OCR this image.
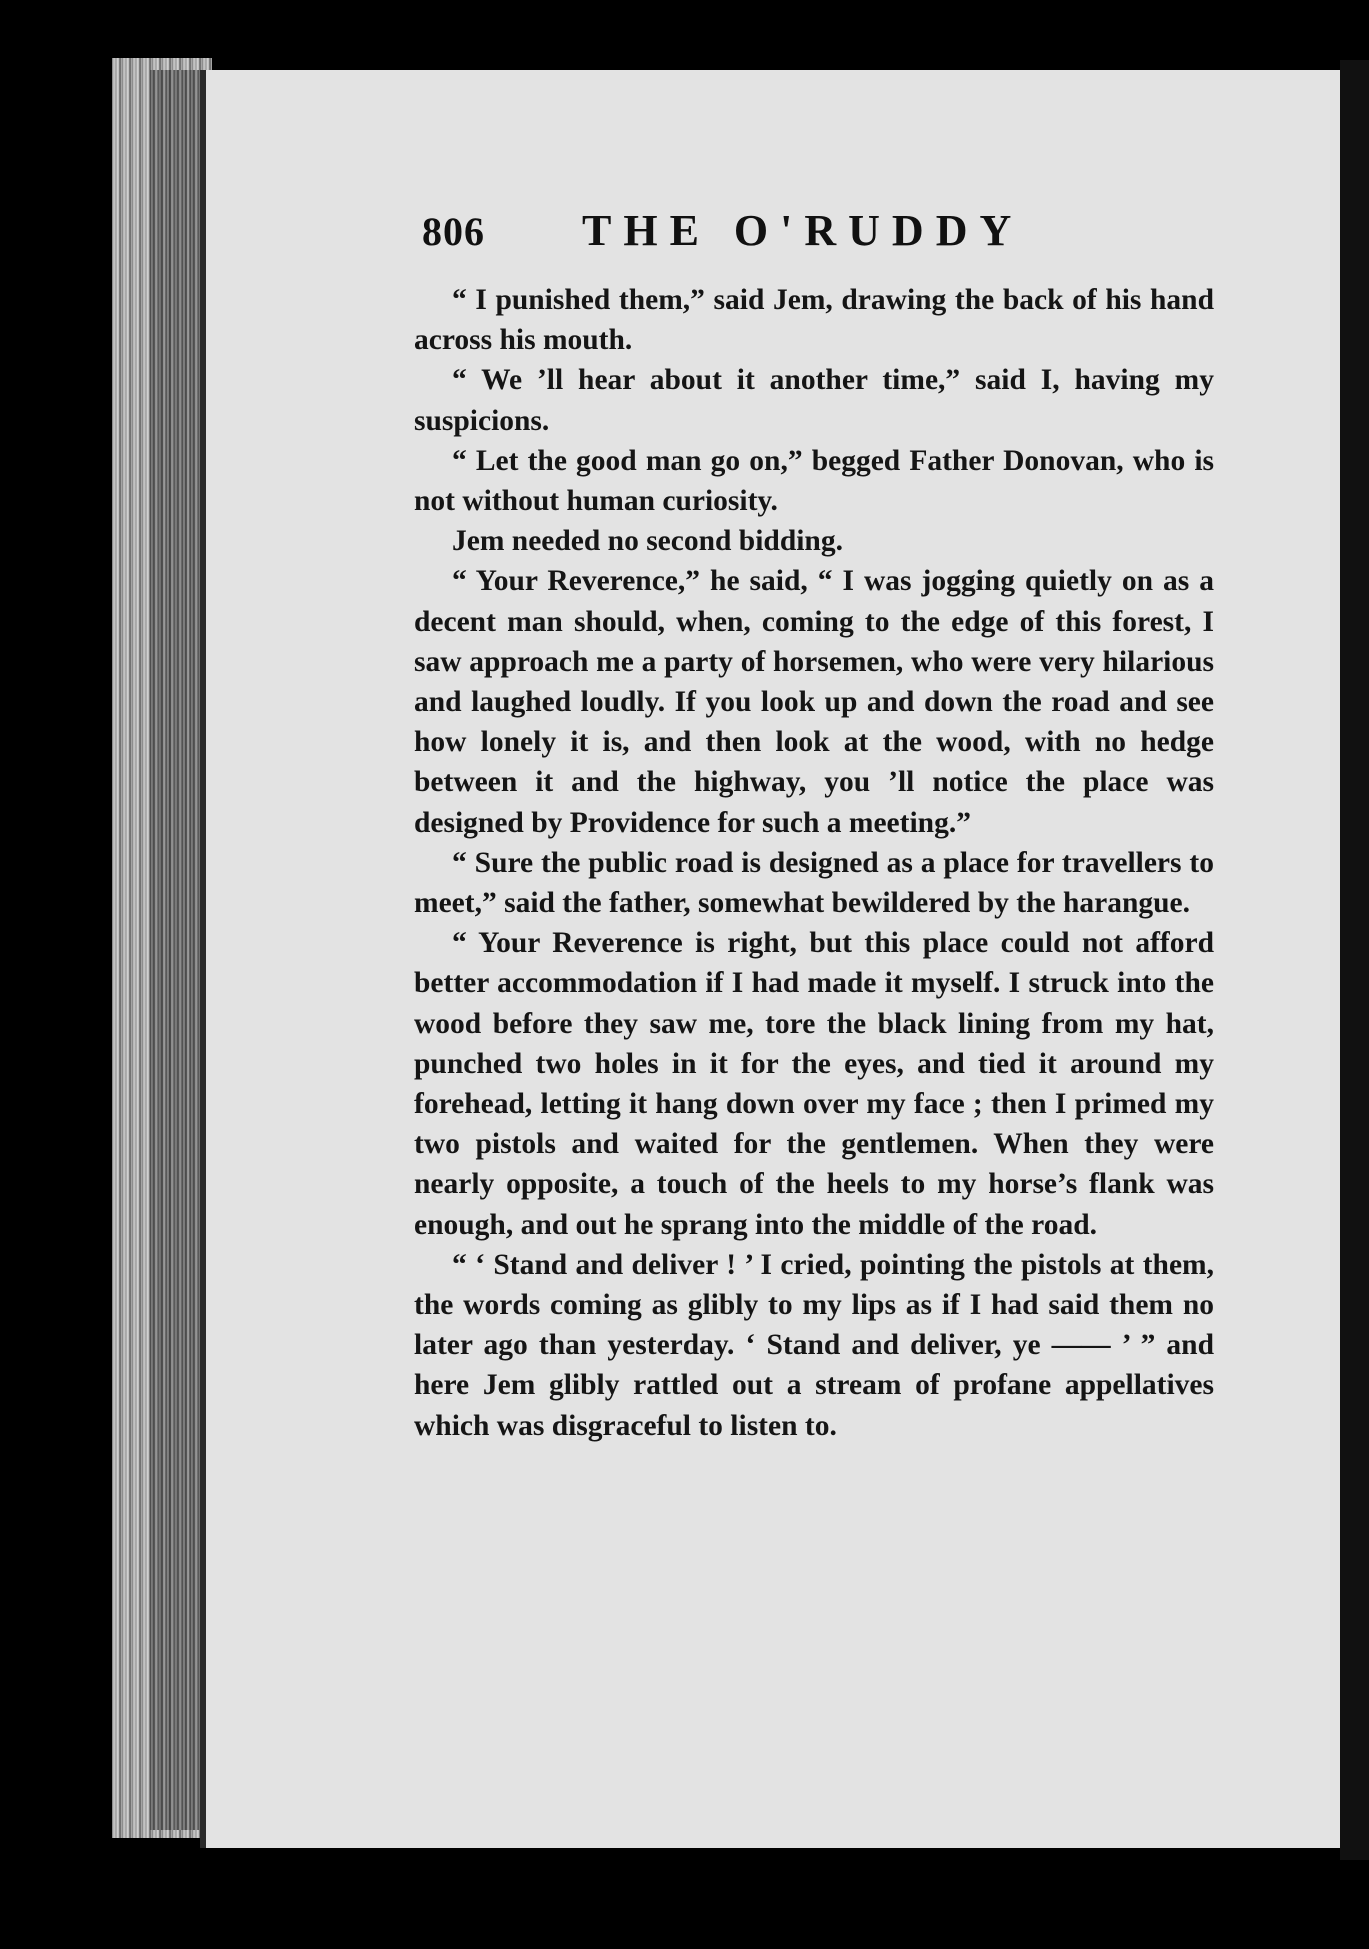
806	THE O'RUDDY

“ I punished them,” said Jem, drawing the back of his hand across his mouth.

“ We ’ll hear about it another time,” said I, having my suspicions.

“ Let the good man go on,” begged Father Donovan, who is not without human curiosity.

Jem needed no second bidding.

“ Your Reverence,” he said, “ I was jogging quietly on as a decent man should, when, coming to the edge of this forest, I saw approach me a party of horsemen, who were very hilarious and laughed loudly. If you look up and down the road and see how lonely it is, and then look at the wood, with no hedge between it and the highway, you ’ll notice the place was designed by Providence for such a meeting.”

“ Sure the public road is designed as a place for travellers to meet,” said the father, somewhat bewildered by the harangue.

“ Your Reverence is right, but this place could not afford better accommodation if I had made it myself. I struck into the wood before they saw me, tore the black lining from my hat, punched two holes in it for the eyes, and tied it around my forehead, letting it hang down over my face ; then I primed my two pistols and waited for the gentlemen. When they were nearly opposite, a touch of the heels to my horse’s flank was enough, and out he sprang into the middle of the road.

“ ‘ Stand and deliver ! ’ I cried, pointing the pistols at them, the words coming as glibly to my lips as if I had said them no later ago than yesterday. ‘ Stand and deliver, ye —— ’ ” and here Jem glibly rattled out a stream of profane appellatives which was disgraceful to listen to.
